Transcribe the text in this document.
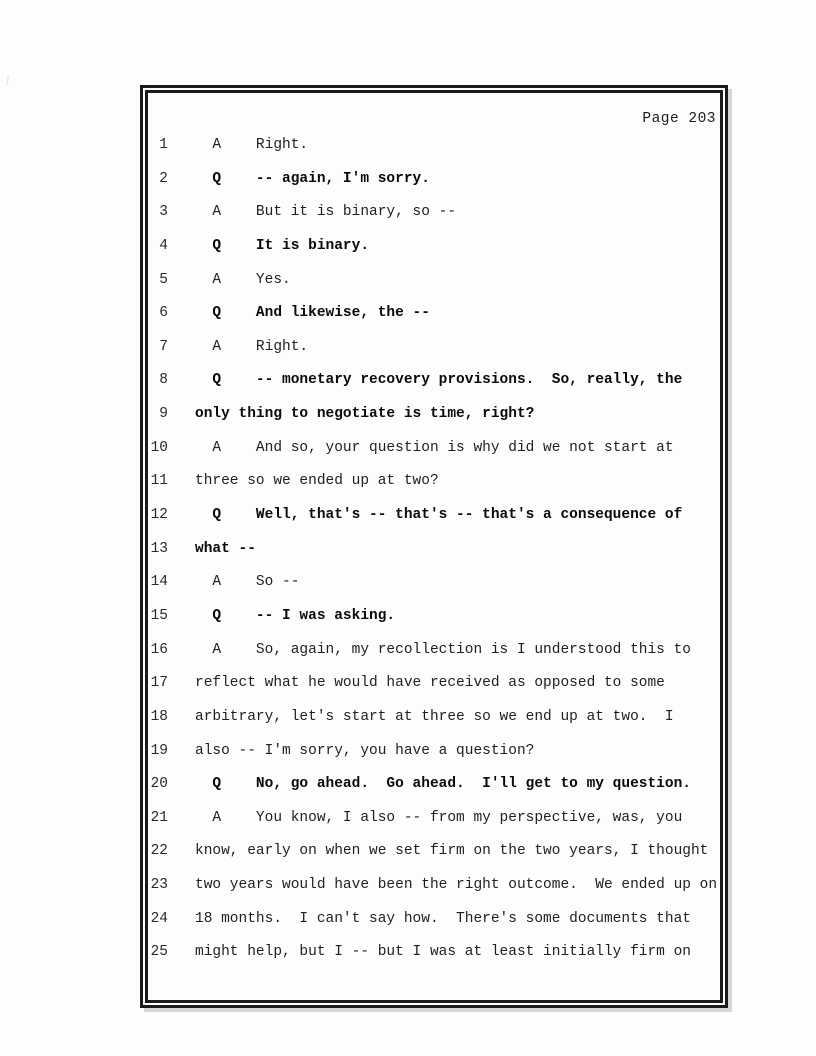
Page 203
1 A    Right.
2 Q    -- again, I'm sorry.
3 A    But it is binary, so --
4 Q    It is binary.
5 A    Yes.
6 Q    And likewise, the --
7 A    Right.
8 Q    -- monetary recovery provisions.  So, really, the
9 only thing to negotiate is time, right?
10 A    And so, your question is why did we not start at
11 three so we ended up at two?
12 Q    Well, that's -- that's -- that's a consequence of
13 what --
14 A    So --
15 Q    -- I was asking.
16 A    So, again, my recollection is I understood this to
17 reflect what he would have received as opposed to some
18 arbitrary, let's start at three so we end up at two.  I
19 also -- I'm sorry, you have a question?
20 Q    No, go ahead.  Go ahead.  I'll get to my question.
21 A    You know, I also -- from my perspective, was, you
22 know, early on when we set firm on the two years, I thought
23 two years would have been the right outcome.  We ended up on
24 18 months.  I can't say how.  There's some documents that
25 might help, but I -- but I was at least initially firm on
